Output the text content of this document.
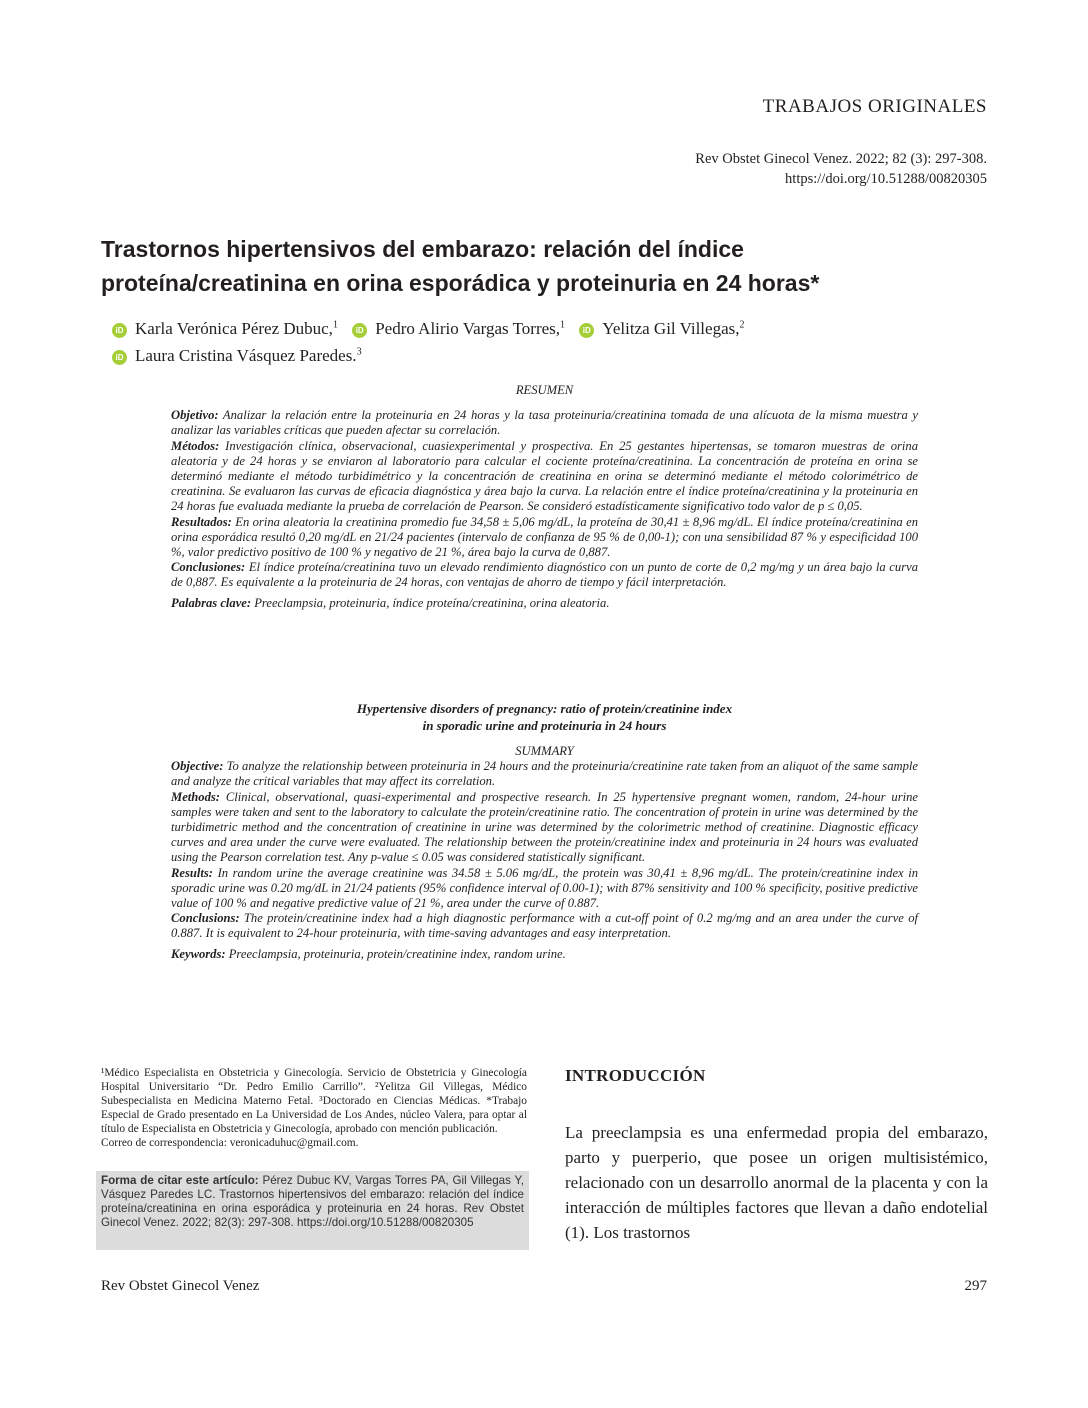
TRABAJOS ORIGINALES
Rev Obstet Ginecol Venez. 2022; 82 (3): 297-308.
https://doi.org/10.51288/00820305
Trastornos hipertensivos del embarazo: relación del índice
proteína/creatinina en orina esporádica y proteinuria en 24 horas*
iD Karla Verónica Pérez Dubuc,$^1$ iD Pedro Alirio Vargas Torres,$^1$ iD Yelitza Gil Villegas,$^2$
iD Laura Cristina Vásquez Paredes.$^3$

RESUMEN

Objetivo: Analizar la relación entre la proteinuria en 24 horas y la tasa proteinuria/creatinina tomada de una alícuota de la misma muestra y analizar las variables críticas que pueden afectar su correlación.

Métodos: Investigación clínica, observacional, cuasiexperimental y prospectiva. En 25 gestantes hipertensas, se tomaron muestras de orina aleatoria y de 24 horas y se enviaron al laboratorio para calcular el cociente proteína/creatinina. La concentración de proteína en orina se determinó mediante el método turbidimétrico y la concentración de creatinina en orina se determinó mediante el método colorimétrico de creatinina. Se evaluaron las curvas de eficacia diagnóstica y área bajo la curva. La relación entre el índice proteína/creatinina y la proteinuria en 24 horas fue evaluada mediante la prueba de correlación de Pearson. Se consideró estadísticamente significativo todo valor de p ≤ 0,05.

Resultados: En orina aleatoria la creatinina promedio fue 34,58 ± 5,06 mg/dL, la proteína de 30,41 ± 8,96 mg/dL. El índice proteína/creatinina en orina esporádica resultó 0,20 mg/dL en 21/24 pacientes (intervalo de confianza de 95 % de 0,00-1); con una sensibilidad 87 % y especificidad 100 %, valor predictivo positivo de 100 % y negativo de 21 %, área bajo la curva de 0,887.

Conclusiones: El índice proteína/creatinina tuvo un elevado rendimiento diagnóstico con un punto de corte de 0,2 mg/mg y un área bajo la curva de 0,887. Es equivalente a la proteinuria de 24 horas, con ventajas de ahorro de tiempo y fácil interpretación.

Palabras clave: Preeclampsia, proteinuria, índice proteína/creatinina, orina aleatoria.

Hypertensive disorders of pregnancy: ratio of protein/creatinine index
in sporadic urine and proteinuria in 24 hours

SUMMARY

Objective: To analyze the relationship between proteinuria in 24 hours and the proteinuria/creatinine rate taken from an aliquot of the same sample and analyze the critical variables that may affect its correlation.

Methods: Clinical, observational, quasi-experimental and prospective research. In 25 hypertensive pregnant women, random, 24-hour urine samples were taken and sent to the laboratory to calculate the protein/creatinine ratio. The concentration of protein in urine was determined by the turbidimetric method and the concentration of creatinine in urine was determined by the colorimetric method of creatinine. Diagnostic efficacy curves and area under the curve were evaluated. The relationship between the protein/creatinine index and proteinuria in 24 hours was evaluated using the Pearson correlation test. Any p-value ≤ 0.05 was considered statistically significant.

Results: In random urine the average creatinine was 34.58 ± 5.06 mg/dL, the protein was 30,41 ± 8,96 mg/dL. The protein/creatinine index in sporadic urine was 0.20 mg/dL in 21/24 patients (95% confidence interval of 0.00-1); with 87% sensitivity and 100 % specificity, positive predictive value of 100 % and negative predictive value of 21 %, area under the curve of 0.887.

Conclusions: The protein/creatinine index had a high diagnostic performance with a cut-off point of 0.2 mg/mg and an area under the curve of 0.887. It is equivalent to 24-hour proteinuria, with time-saving advantages and easy interpretation.

Keywords: Preeclampsia, proteinuria, protein/creatinine index, random urine.

¹Médico Especialista en Obstetricia y Ginecología. Servicio de Obstetricia y Ginecología Hospital Universitario “Dr. Pedro Emilio Carrillo”. ²Yelitza Gil Villegas, Médico Subespecialista en Medicina Materno Fetal. ³Doctorado en Ciencias Médicas. *Trabajo Especial de Grado presentado en La Universidad de Los Andes, núcleo Valera, para optar al título de Especialista en Obstetricia y Ginecología, aprobado con mención publicación.

Correo de correspondencia: veronicaduhuc@gmail.com.

Forma de citar este artículo: Pérez Dubuc KV, Vargas Torres PA, Gil Villegas Y, Vásquez Paredes LC. Trastornos hipertensivos del embarazo: relación del índice proteína/creatinina en orina esporádica y proteinuria en 24 horas. Rev Obstet Ginecol Venez. 2022; 82(3): 297-308. https://doi.org/10.51288/00820305
INTRODUCCIÓN
La preeclampsia es una enfermedad propia del embarazo, parto y puerperio, que posee un origen multisistémico, relacionado con un desarrollo anormal de la placenta y con la interacción de múltiples factores que llevan a daño endotelial (1). Los trastornos
Rev Obstet Ginecol Venez	297
